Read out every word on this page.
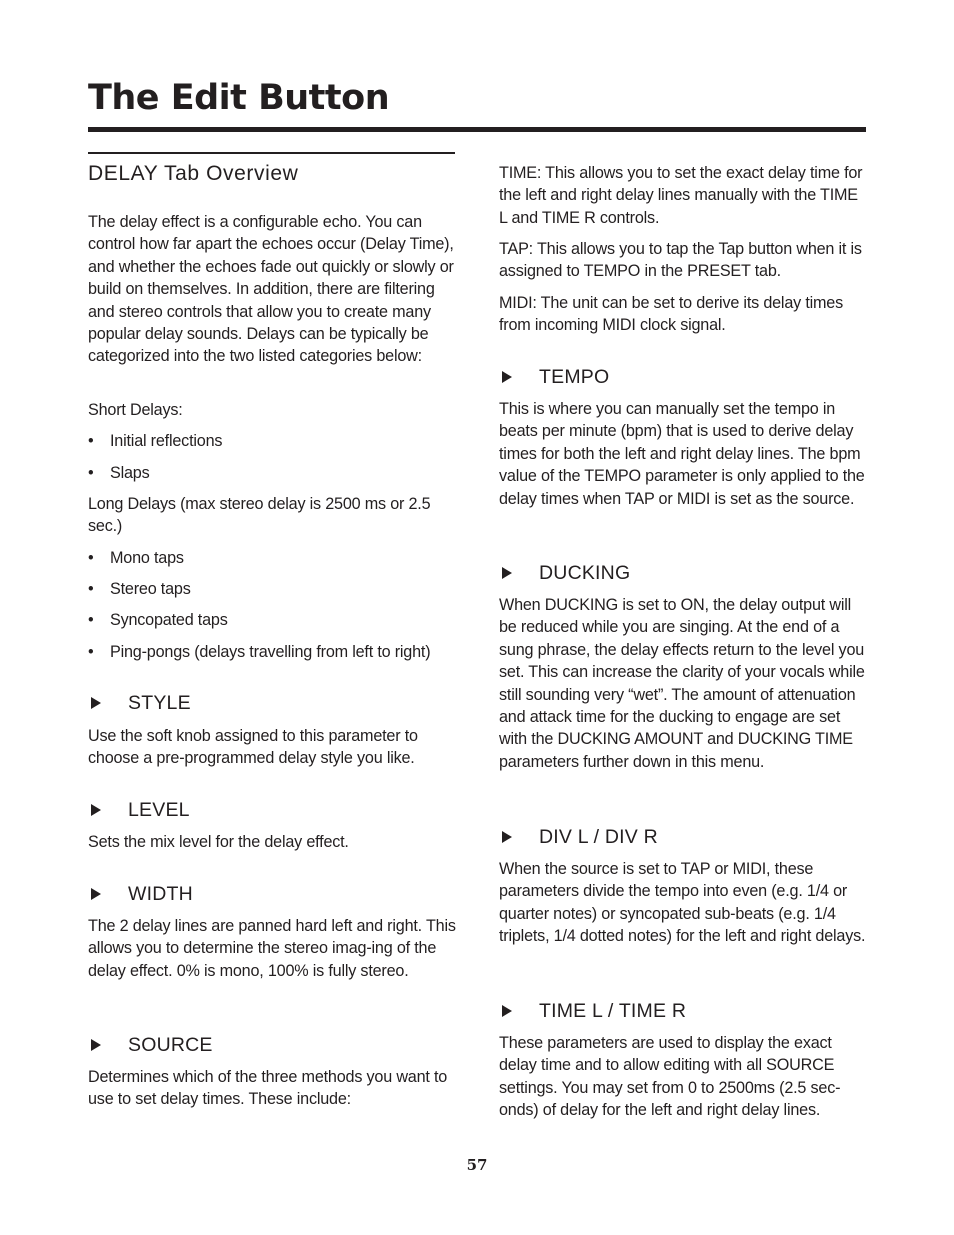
The Edit Button
DELAY Tab Overview

The delay effect is a configurable echo. You can control how far apart the echoes occur (Delay Time), and whether the echoes fade out quickly or slowly or build on themselves. In addition, there are filtering and stereo controls that allow you to create many popular delay sounds. Delays can be typically be categorized into the two listed categories below:

Short Delays:

• Initial reflections
• Slaps

Long Delays (max stereo delay is 2500 ms or 2.5 sec.)

• Mono taps
• Stereo taps
• Syncopated taps
• Ping-pongs (delays travelling from left to right)
STYLE

Use the soft knob assigned to this parameter to choose a pre-programmed delay style you like.

LEVEL

Sets the mix level for the delay effect.

WIDTH

The 2 delay lines are panned hard left and right. This allows you to determine the stereo imag-ing of the delay effect. 0% is mono, 100% is fully stereo.

SOURCE

Determines which of the three methods you want to use to set delay times. These include:

TIME: This allows you to set the exact delay time for the left and right delay lines manually with the TIME L and TIME R controls.

TAP: This allows you to tap the Tap button when it is assigned to TEMPO in the PRESET tab.

MIDI: The unit can be set to derive its delay times from incoming MIDI clock signal.

TEMPO

This is where you can manually set the tempo in beats per minute (bpm) that is used to derive delay times for both the left and right delay lines. The bpm value of the TEMPO parameter is only applied to the delay times when TAP or MIDI is set as the source.

DUCKING

When DUCKING is set to ON, the delay output will be reduced while you are singing. At the end of a sung phrase, the delay effects return to the level you set. This can increase the clarity of your vocals while still sounding very “wet”. The amount of attenuation and attack time for the ducking to engage are set with the DUCKING AMOUNT and DUCKING TIME parameters further down in this menu.

DIV L / DIV R

When the source is set to TAP or MIDI, these parameters divide the tempo into even (e.g. 1/4 or quarter notes) or syncopated sub-beats (e.g. 1/4 triplets, 1/4 dotted notes) for the left and right delays.

TIME L / TIME R

These parameters are used to display the exact delay time and to allow editing with all SOURCE settings. You may set from 0 to 2500ms (2.5 sec-onds) of delay for the left and right delay lines.

57
